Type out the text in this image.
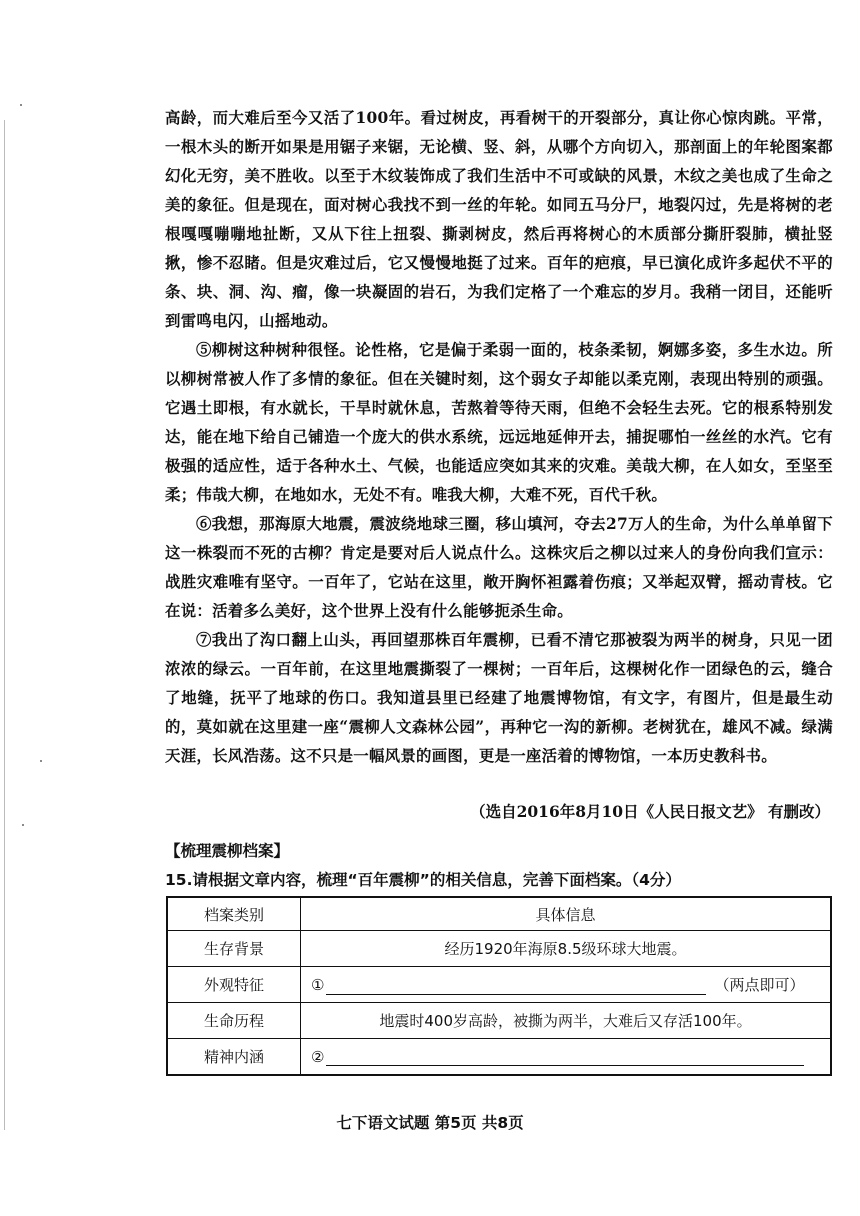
高龄，而大难后至今又活了100年。看过树皮，再看树干的开裂部分，真让你心惊肉跳。平常，一根木头的断开如果是用锯子来锯，无论横、竖、斜，从哪个方向切入，那剖面上的年轮图案都幻化无穷，美不胜收。以至于木纹装饰成了我们生活中不可或缺的风景，木纹之美也成了生命之美的象征。但是现在，面对树心我找不到一丝的年轮。如同五马分尸，地裂闪过，先是将树的老根嘎嘎嘣嘣地扯断，又从下往上扭裂、撕剥树皮，然后再将树心的木质部分撕肝裂肺，横扯竖揪，惨不忍睹。但是灾难过后，它又慢慢地挺了过来。百年的疤痕，早已演化成许多起伏不平的条、块、洞、沟、瘤，像一块凝固的岩石，为我们定格了一个难忘的岁月。我稍一闭目，还能听到雷鸣电闪，山摇地动。

⑤柳树这种树种很怪。论性格，它是偏于柔弱一面的，枝条柔韧，婀娜多姿，多生水边。所以柳树常被人作了多情的象征。但在关键时刻，这个弱女子却能以柔克刚，表现出特别的顽强。它遇土即根，有水就长，干旱时就休息，苦熬着等待天雨，但绝不会轻生去死。它的根系特别发达，能在地下给自己铺造一个庞大的供水系统，远远地延伸开去，捕捉哪怕一丝丝的水汽。它有极强的适应性，适于各种水土、气候，也能适应突如其来的灾难。美哉大柳，在人如女，至坚至柔；伟哉大柳，在地如水，无处不有。唯我大柳，大难不死，百代千秋。

⑥我想，那海原大地震，震波绕地球三圈，移山填河，夺去27万人的生命，为什么单单留下这一株裂而不死的古柳？肯定是要对后人说点什么。这株灾后之柳以过来人的身份向我们宣示：战胜灾难唯有坚守。一百年了，它站在这里，敞开胸怀袒露着伤痕；又举起双臂，摇动青枝。它在说：活着多么美好，这个世界上没有什么能够扼杀生命。

⑦我出了沟口翻上山头，再回望那株百年震柳，已看不清它那被裂为两半的树身，只见一团浓浓的绿云。一百年前，在这里地震撕裂了一棵树；一百年后，这棵树化作一团绿色的云，缝合了地缝，抚平了地球的伤口。我知道县里已经建了地震博物馆，有文字，有图片，但是最生动的，莫如就在这里建一座“震柳人文森林公园”，再种它一沟的新柳。老树犹在，雄风不减。绿满天涯，长风浩荡。这不只是一幅风景的画图，更是一座活着的博物馆，一本历史教科书。

（选自2016年8月10日《人民日报文艺》 有删改）
【梳理震柳档案】
15.请根据文章内容，梳理“百年震柳”的相关信息，完善下面档案。（4分）
档案类别	具体信息
生存背景	经历1920年海原8.5级环球大地震。
外观特征	① （两点即可）
生命历程	地震时400岁高龄，被撕为两半，大难后又存活100年。
精神内涵	②
七下语文试题 第5页 共8页
